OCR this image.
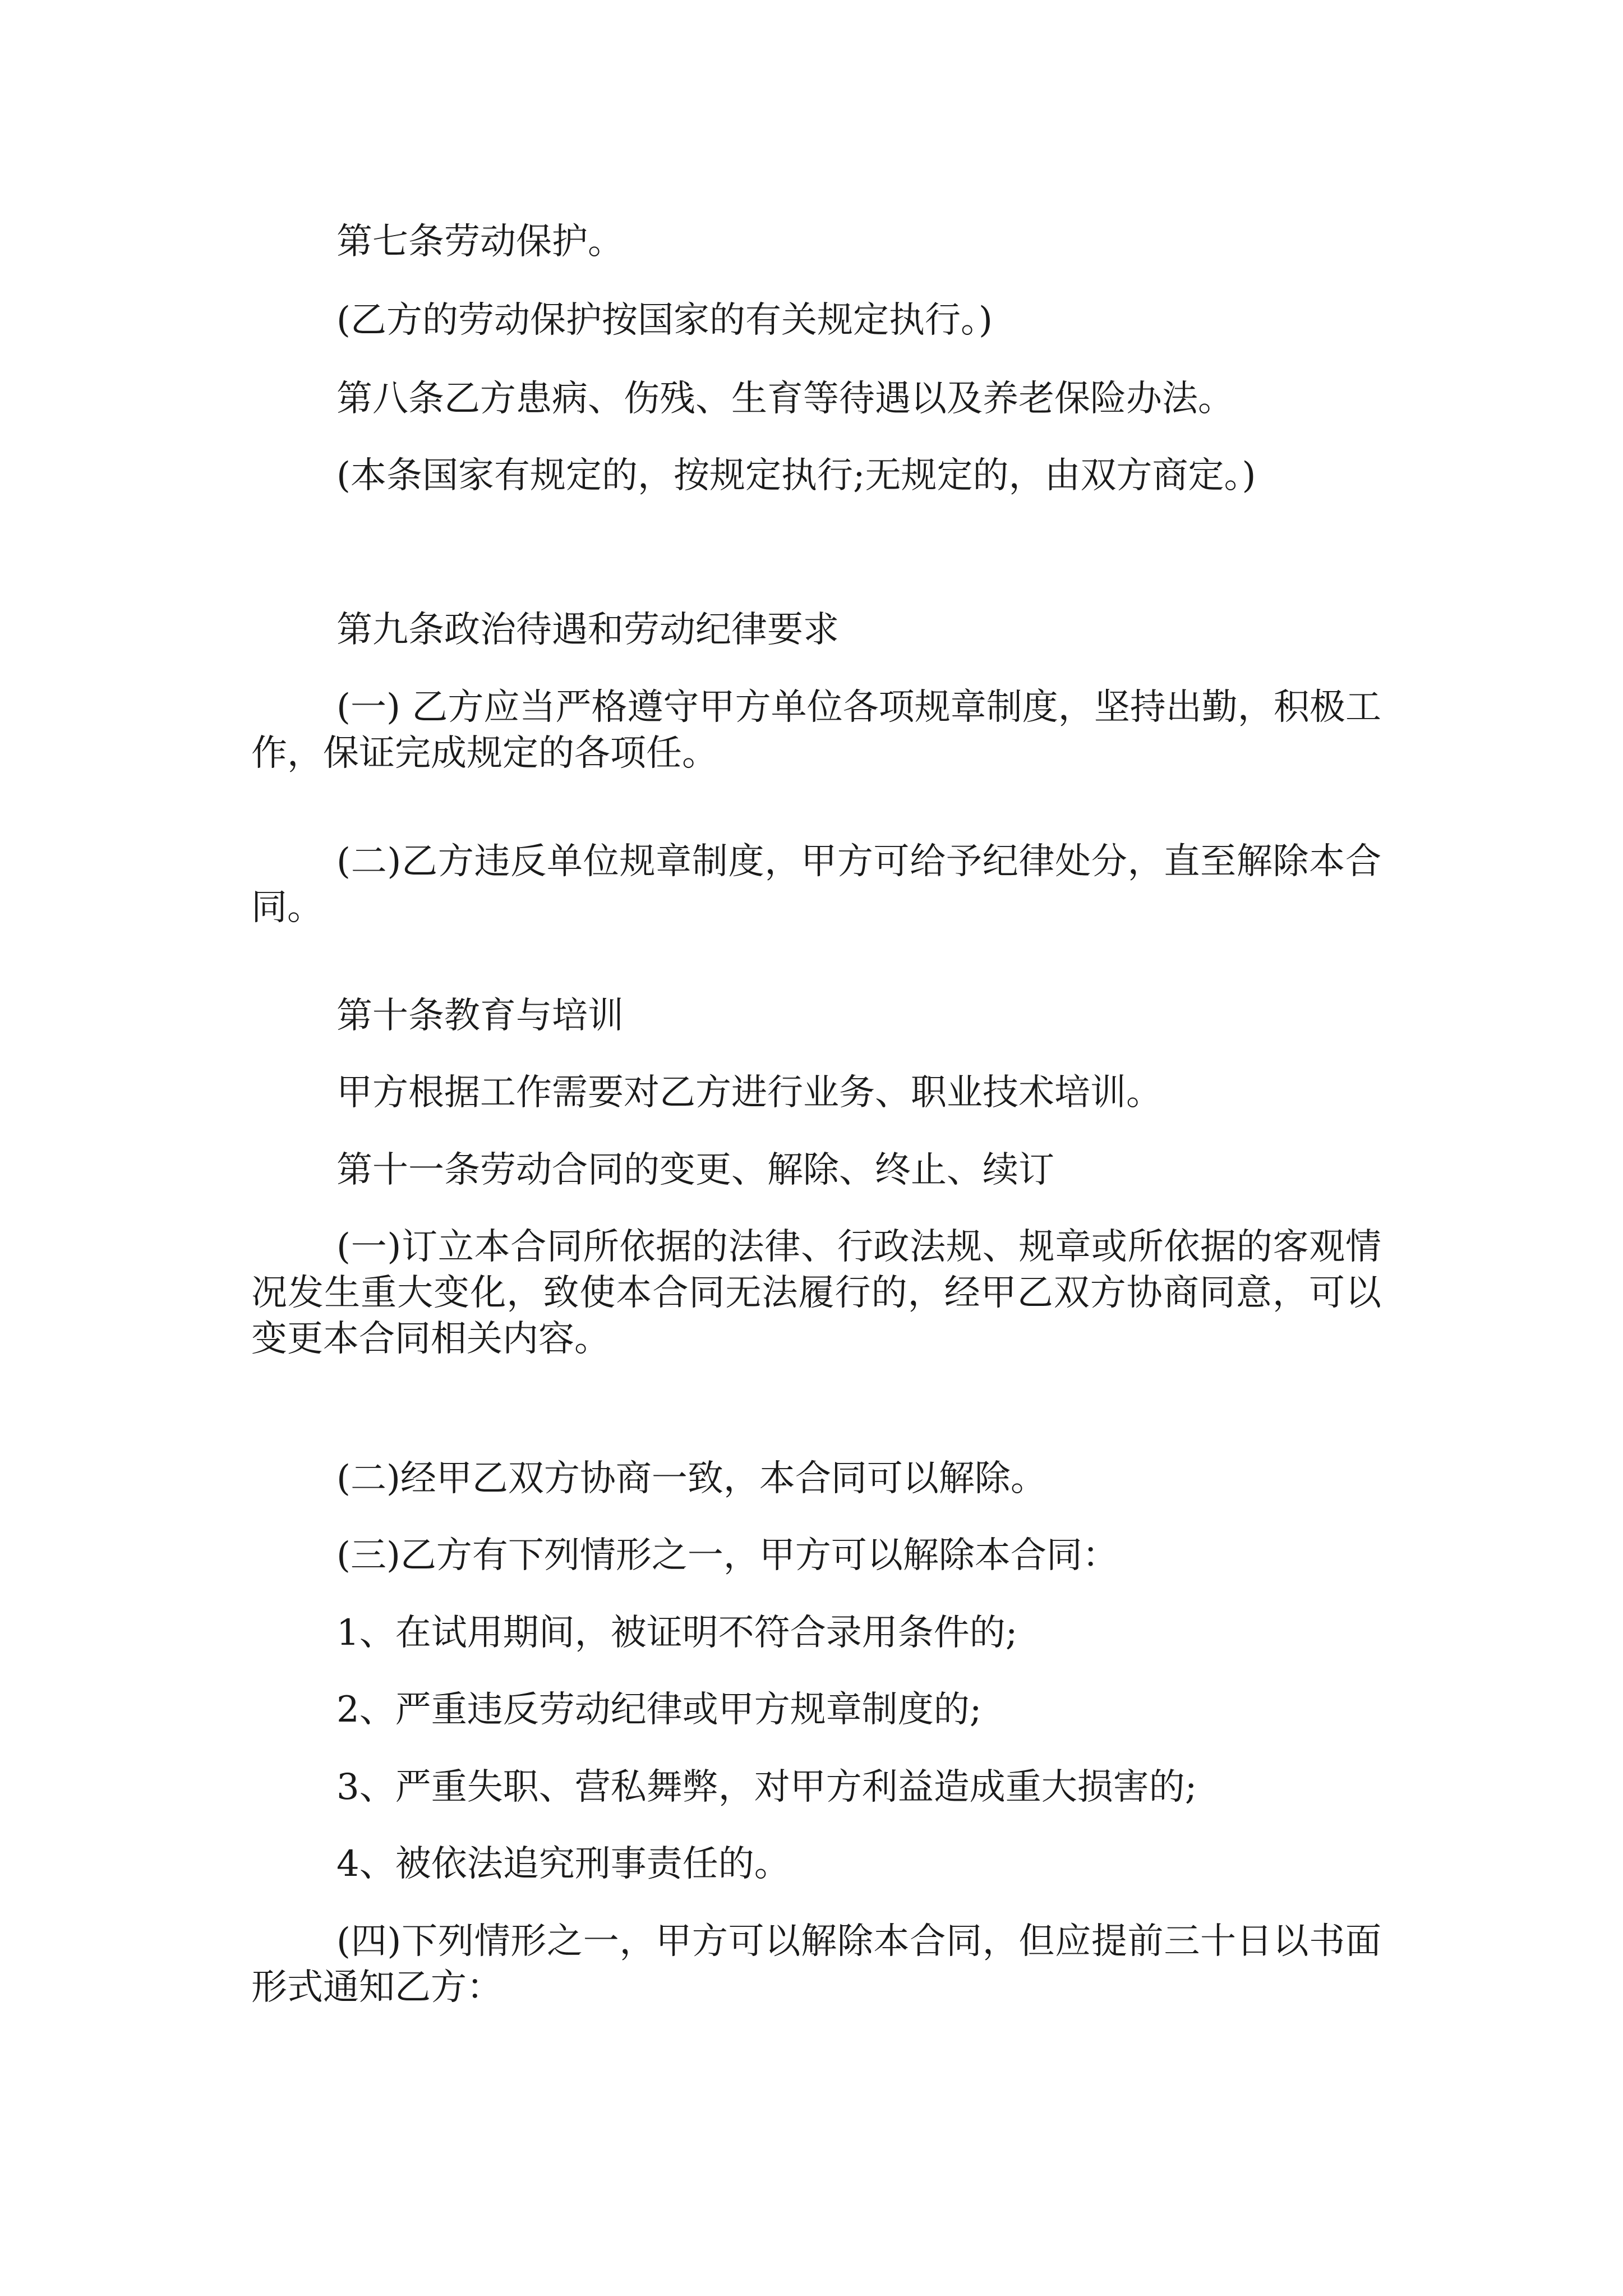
第七条劳动保护。

(乙方的劳动保护按国家的有关规定执行。)

第八条乙方患病、伤残、生育等待遇以及养老保险办法。

(本条国家有规定的，按规定执行;无规定的，由双方商定。)

第九条政治待遇和劳动纪律要求

(一) 乙方应当严格遵守甲方单位各项规章制度，坚持出勤，积极工作，保证完成规定的各项任。

(二)乙方违反单位规章制度，甲方可给予纪律处分，直至解除本合同。

第十条教育与培训

甲方根据工作需要对乙方进行业务、职业技术培训。

第十一条劳动合同的变更、解除、终止、续订

(一)订立本合同所依据的法律、行政法规、规章或所依据的客观情况发生重大变化，致使本合同无法履行的，经甲乙双方协商同意，可以变更本合同相关内容。

(二)经甲乙双方协商一致，本合同可以解除。

(三)乙方有下列情形之一，甲方可以解除本合同：

1、在试用期间，被证明不符合录用条件的;

2、严重违反劳动纪律或甲方规章制度的;

3、严重失职、营私舞弊，对甲方利益造成重大损害的;

4、被依法追究刑事责任的。

(四)下列情形之一，甲方可以解除本合同，但应提前三十日以书面形式通知乙方：
